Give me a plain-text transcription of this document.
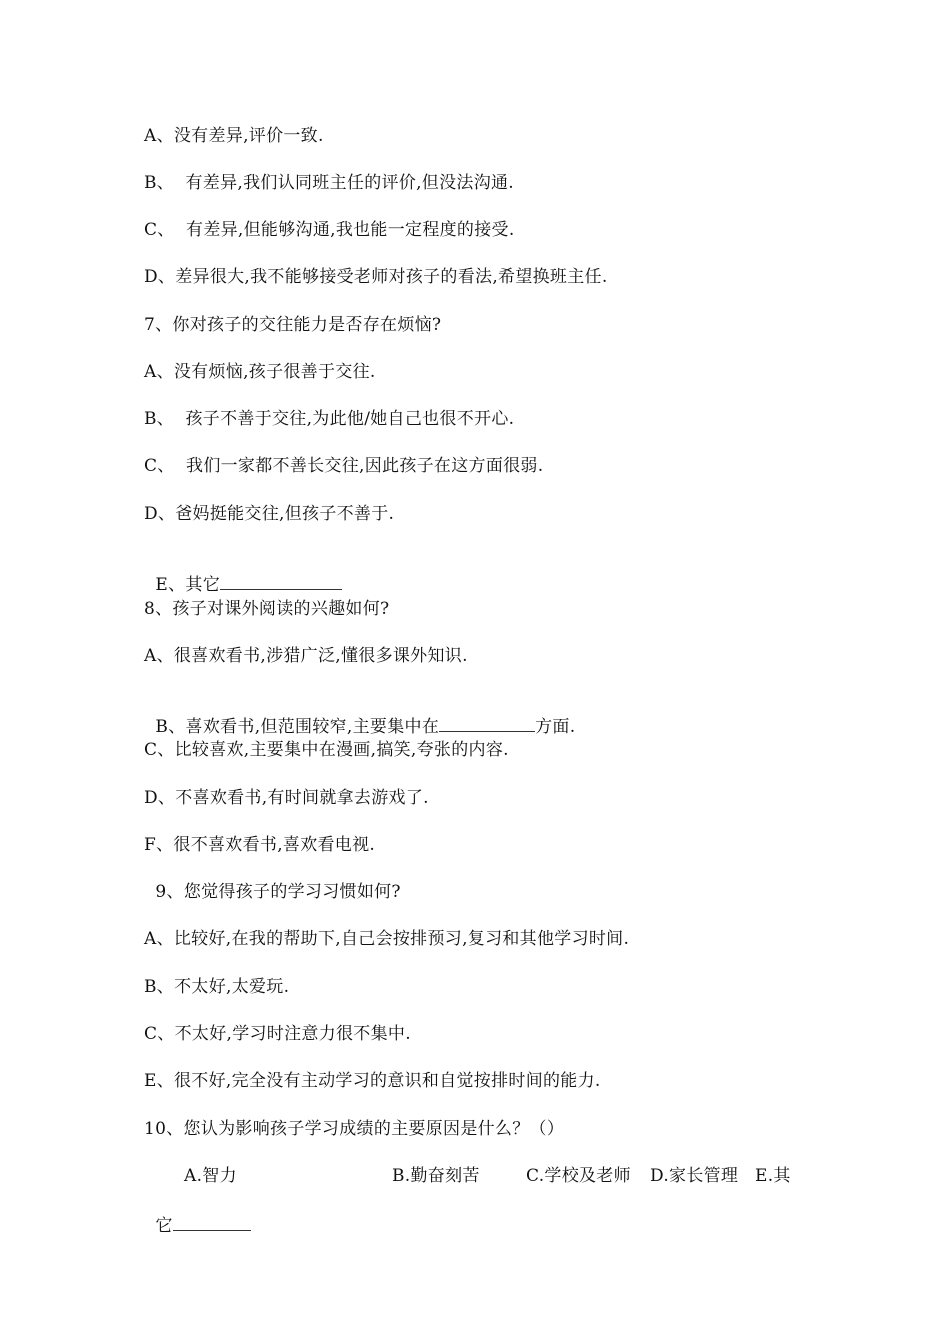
A、没有差异,评价一致.
B、  有差异,我们认同班主任的评价,但没法沟通.
C、  有差异,但能够沟通,我也能一定程度的接受.
D、差异很大,我不能够接受老师对孩子的看法,希望换班主任.
7、你对孩子的交往能力是否存在烦恼?
A、没有烦恼,孩子很善于交往.
B、  孩子不善于交往,为此他/她自己也很不开心.
C、  我们一家都不善长交往,因此孩子在这方面很弱.
D、爸妈挺能交往,但孩子不善于.

E、其它

8、孩子对课外阅读的兴趣如何?
A、很喜欢看书,涉猎广泛,懂很多课外知识.

B、喜欢看书,但范围较窄,主要集中在	方面.

C、比较喜欢,主要集中在漫画,搞笑,夸张的内容.
D、不喜欢看书,有时间就拿去游戏了.
F、很不喜欢看书,喜欢看电视.
9、您觉得孩子的学习习惯如何?
A、比较好,在我的帮助下,自己会按排预习,复习和其他学习时间.
B、不太好,太爱玩.
C、不太好,学习时注意力很不集中.
E、很不好,完全没有主动学习的意识和自觉按排时间的能力.
10、您认为影响孩子学习成绩的主要原因是什么？（）
A.智力	B.勤奋刻苦	C.学校及老师 D.家长管理 E.其

它
